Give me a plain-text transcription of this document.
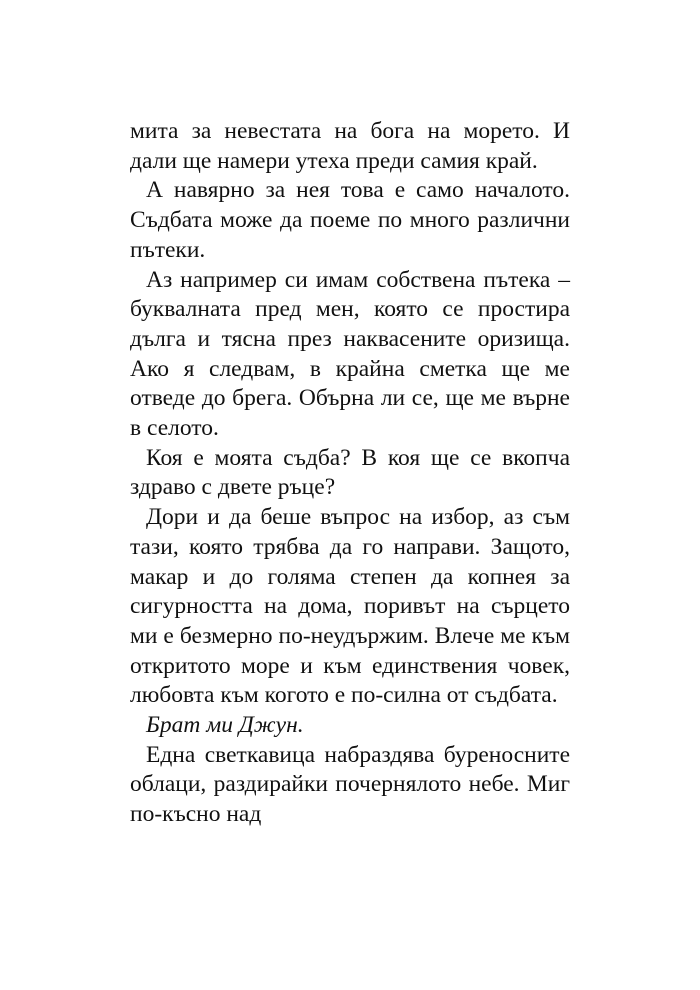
мита за невестата на бога на морето. И дали ще намери утеха преди самия край.

А навярно за нея това е само началото. Съдбата може да поеме по много различни пътеки.

Аз например си имам собствена пътека – буквалната пред мен, която се простира дълга и тясна през наквасените оризища. Ако я следвам, в крайна сметка ще ме отведе до брега. Обърна ли се, ще ме върне в селото.

Коя е моята съдба? В коя ще се вкопча здраво с двете ръце?

Дори и да беше въпрос на избор, аз съм тази, която трябва да го направи. Защото, макар и до голяма степен да копнея за сигурността на дома, поривът на сърцето ми е безмерно по-неудържим. Влече ме към откритото море и към единствения човек, любовта към когото е по-силна от съдбата.

Брат ми Джун.

Една светкавица набраздява буреносните облаци, раздирайки почернялото небе. Миг по-късно над
